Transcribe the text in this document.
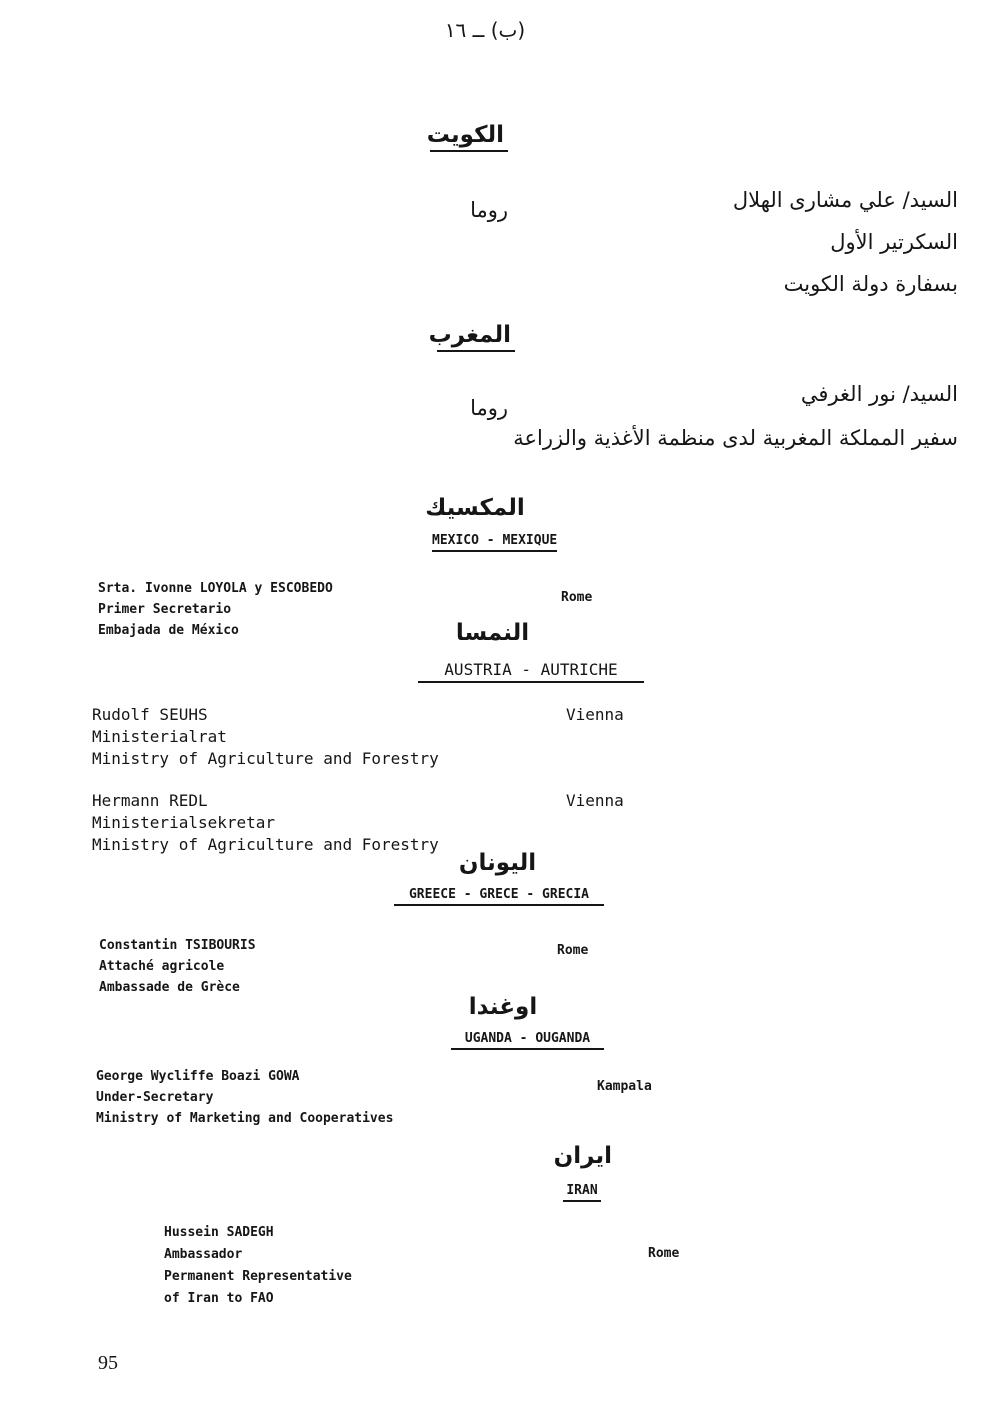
(ب) ــ ١٦
الكويت
السيد/ علي مشارى الهلال
السكرتير الأول
بسفارة دولة الكويت
روما
المغرب
السيد/ نور الغرفي
سفير المملكة المغربية لدى منظمة الأغذية والزراعة
روما
المكسيك
MEXICO - MEXIQUE
Srta. Ivonne LOYOLA y ESCOBEDO
Primer Secretario
Embajada de México
Rome
النمسا
AUSTRIA - AUTRICHE
Rudolf SEUHS
Ministerialrat
Ministry of Agriculture and Forestry
Vienna
Hermann REDL
Ministerialsekretar
Ministry of Agriculture and Forestry
Vienna
اليونان
GREECE - GRECE - GRECIA
Constantin TSIBOURIS
Attaché agricole
Ambassade de Grèce
Rome
اوغندا
UGANDA - OUGANDA
George Wycliffe Boazi GOWA
Under-Secretary
Ministry of Marketing and Cooperatives
Kampala
ايران
IRAN
Hussein SADEGH
Ambassador
Permanent Representative
of Iran to FAO
Rome
95
